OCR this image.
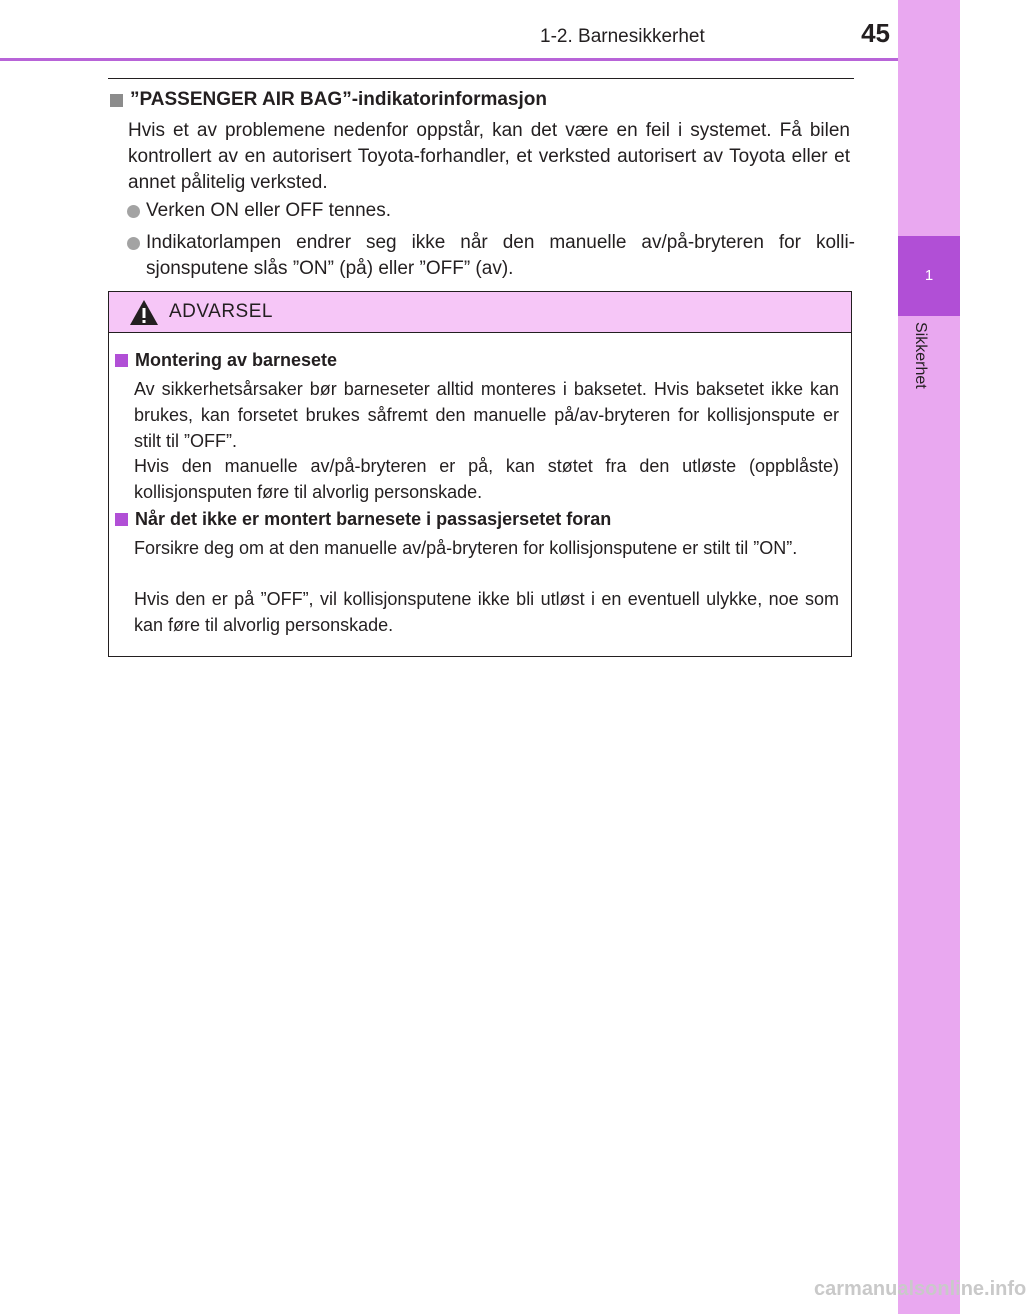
1
Sikkerhet
1-2. Barnesikkerhet	45
”PASSENGER AIR BAG”-indikatorinformasjon
Hvis et av problemene nedenfor oppstår, kan det være en feil i systemet. Få bilen kontrollert av en autorisert Toyota-forhandler, et verksted autorisert av Toyota eller et annet pålitelig verksted.
Verken ON eller OFF tennes.
Indikatorlampen endrer seg ikke når den manuelle av/på-bryteren for kollisjonsputene slås ”ON” (på) eller ”OFF” (av).
ADVARSEL
Montering av barnesete
Av sikkerhetsårsaker bør barneseter alltid monteres i baksetet. Hvis baksetet ikke kan brukes, kan forsetet brukes såfremt den manuelle på/av-bryteren for kollisjonspute er stilt til ”OFF”.
Hvis den manuelle av/på-bryteren er på, kan støtet fra den utløste (oppblåste) kollisjonsputen føre til alvorlig personskade.
Når det ikke er montert barnesete i passasjersetet foran
Forsikre deg om at den manuelle av/på-bryteren for kollisjonsputene er stilt til ”ON”.
Hvis den er på ”OFF”, vil kollisjonsputene ikke bli utløst i en eventuell ulykke, noe som kan føre til alvorlig personskade.
carmanualsonline.info
